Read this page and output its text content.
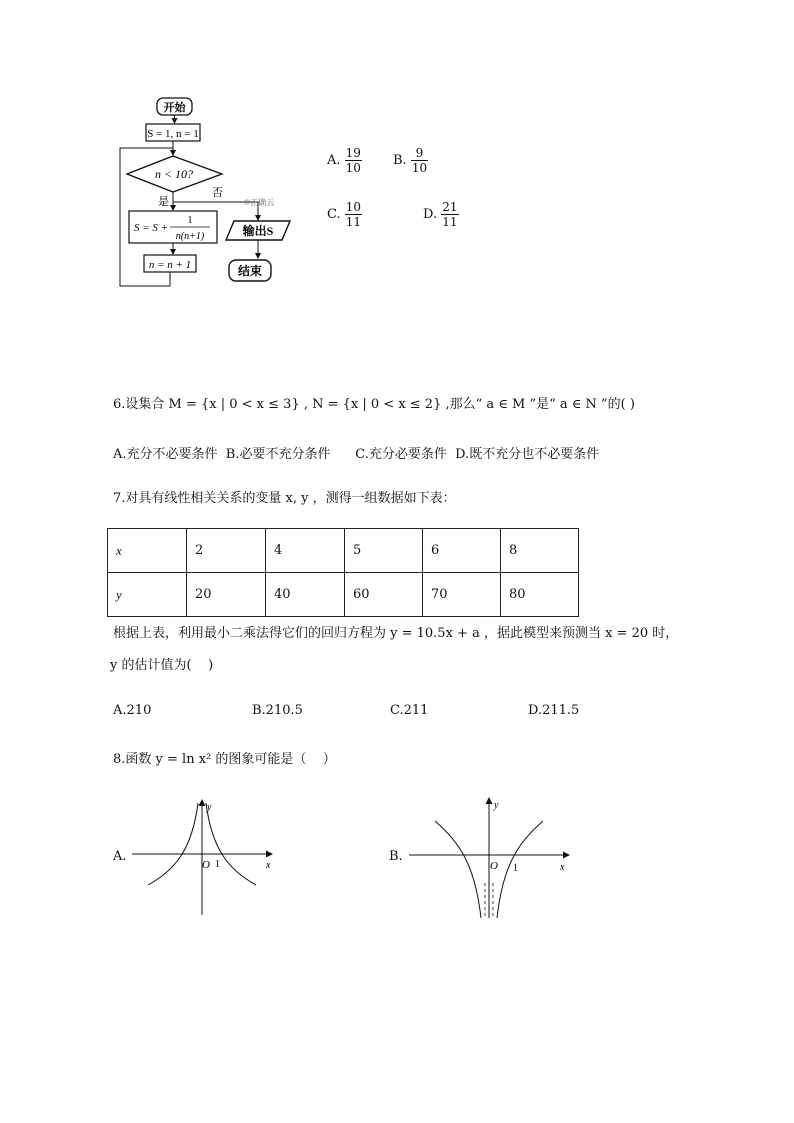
开始
S = 1, n = 1
n < 10?
是
否
©正确云
S = S +
1
n(n+1)
n = n + 1
输出S
结束
A. $\frac{19}{10} B$. $\frac{9}{10}$
C. $\frac{10}{11}$	D. $\frac{21}{11}$
6.设集合 M = {x | 0 < x ≤ 3} , N = {x | 0 < x ≤ 2} ,那么“ a ∈ M ”是“ a ∈ N ”的( )
A.充分不必要条件  B.必要不充分条件      C.充分必要条件  D.既不充分也不必要条件
7.对具有线性相关关系的变量 x, y ，测得一组数据如下表：
x	2	4	5	6	8
y	20	40	60	70	80
根据上表，利用最小二乘法得它们的回归方程为 y = 10.5x + a ，据此模型来预测当 x = 20 时，
y 的估计值为(    )
A.210	B.210.5	C.211	D.211.5
8.函数 y = ln x² 的图象可能是（    ）
A.
y
x
O 1
B.
y
x
O 1
